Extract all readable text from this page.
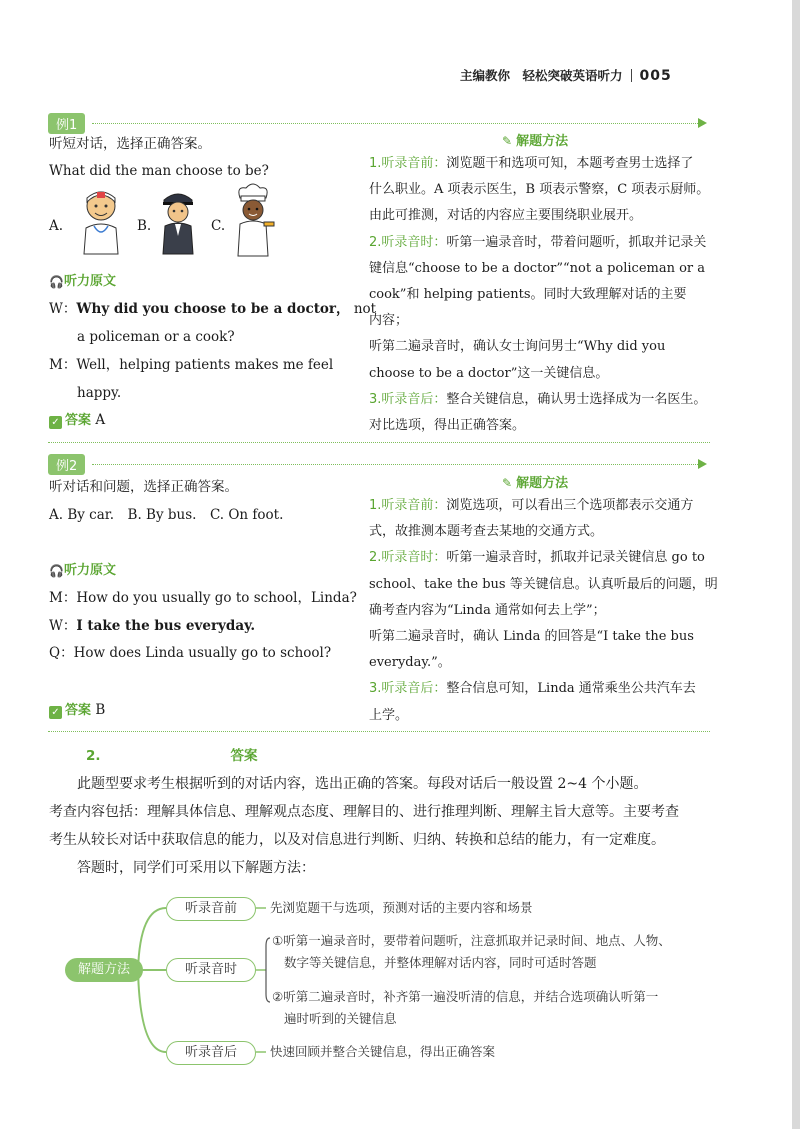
主编教你　轻松突破英语听力 005
例1
听短对话，选择正确答案。
What did the man choose to be?
A.	B.	C.
🎧听力原文
W：Why did you choose to be a doctor， not
a policeman or a cook?
M：Well，helping patients makes me feel
happy.
✓ 答案 A
✎ 解题方法
1.听录音前：浏览题干和选项可知，本题考查男士选择了
什么职业。A 项表示医生，B 项表示警察，C 项表示厨师。
由此可推测，对话的内容应主要围绕职业展开。
2.听录音时：听第一遍录音时，带着问题听，抓取并记录关
键信息“choose to be a doctor”“not a policeman or a
cook”和 helping patients。同时大致理解对话的主要
内容；
听第二遍录音时，确认女士询问男士“Why did you
choose to be a doctor”这一关键信息。
3.听录音后：整合关键信息，确认男士选择成为一名医生。
对比选项，得出正确答案。
例2
听对话和问题，选择正确答案。
A. By car.　B. By bus.　C. On foot.
🎧听力原文
M：How do you usually go to school，Linda?
W：I take the bus everyday.
Q：How does Linda usually go to school?
✓ 答案 B
✎ 解题方法
1.听录音前：浏览选项，可以看出三个选项都表示交通方
式，故推测本题考查去某地的交通方式。
2.听录音时：听第一遍录音时，抓取并记录关键信息 go to
school、take the bus 等关键信息。认真听最后的问题，明
确考查内容为“Linda 通常如何去上学”；
听第二遍录音时，确认 Linda 的回答是“I take the bus
everyday.”。
3.听录音后：整合信息可知，Linda 通常乘坐公共汽车去
上学。
2.	答案
　　此题型要求考生根据听到的对话内容，选出正确的答案。每段对话后一般设置 2~4 个小题。
考查内容包括：理解具体信息、理解观点态度、理解目的、进行推理判断、理解主旨大意等。主要考查
考生从较长对话中获取信息的能力，以及对信息进行判断、归纳、转换和总结的能力，有一定难度。
　　答题时，同学们可采用以下解题方法：
解题方法
听录音前
听录音时
听录音后
先浏览题干与选项，预测对话的主要内容和场景
①听第一遍录音时，要带着问题听，注意抓取并记录时间、地点、人物、
数字等关键信息，并整体理解对话内容，同时可适时答题
②听第二遍录音时，补齐第一遍没听清的信息，并结合选项确认听第一
遍时听到的关键信息
快速回顾并整合关键信息，得出正确答案
